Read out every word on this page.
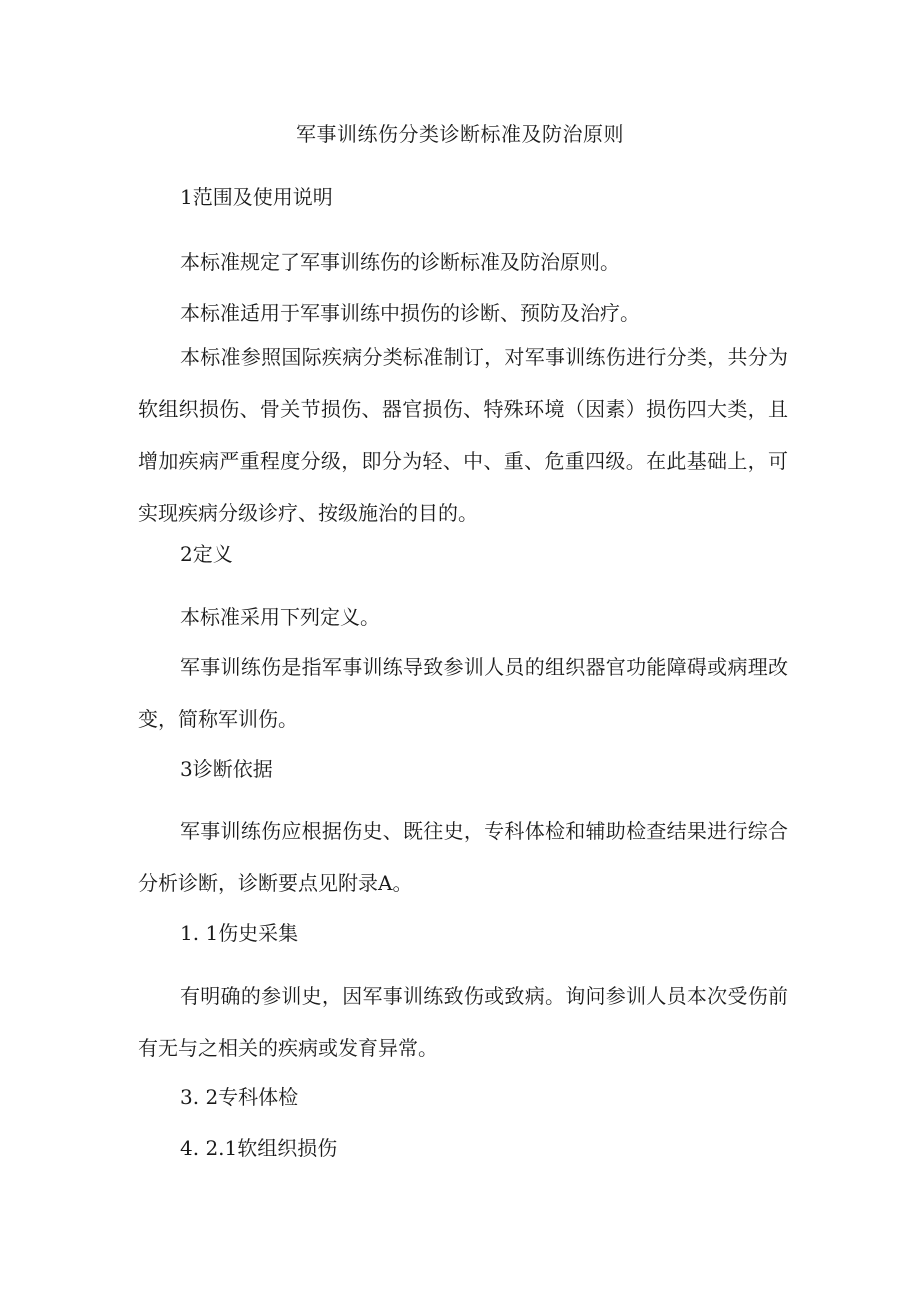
军事训练伤分类诊断标准及防治原则
1范围及使用说明
本标准规定了军事训练伤的诊断标准及防治原则。
本标准适用于军事训练中损伤的诊断、预防及治疗。
本标准参照国际疾病分类标准制订，对军事训练伤进行分类，共分为软组织损伤、骨关节损伤、器官损伤、特殊环境（因素）损伤四大类，且增加疾病严重程度分级，即分为轻、中、重、危重四级。在此基础上，可实现疾病分级诊疗、按级施治的目的。
2定义
本标准采用下列定义。
军事训练伤是指军事训练导致参训人员的组织器官功能障碍或病理改变，简称军训伤。
3诊断依据
军事训练伤应根据伤史、既往史，专科体检和辅助检查结果进行综合分析诊断，诊断要点见附录A。
1. 1伤史采集
有明确的参训史，因军事训练致伤或致病。询问参训人员本次受伤前有无与之相关的疾病或发育异常。
3. 2专科体检
4. 2.1软组织损伤
